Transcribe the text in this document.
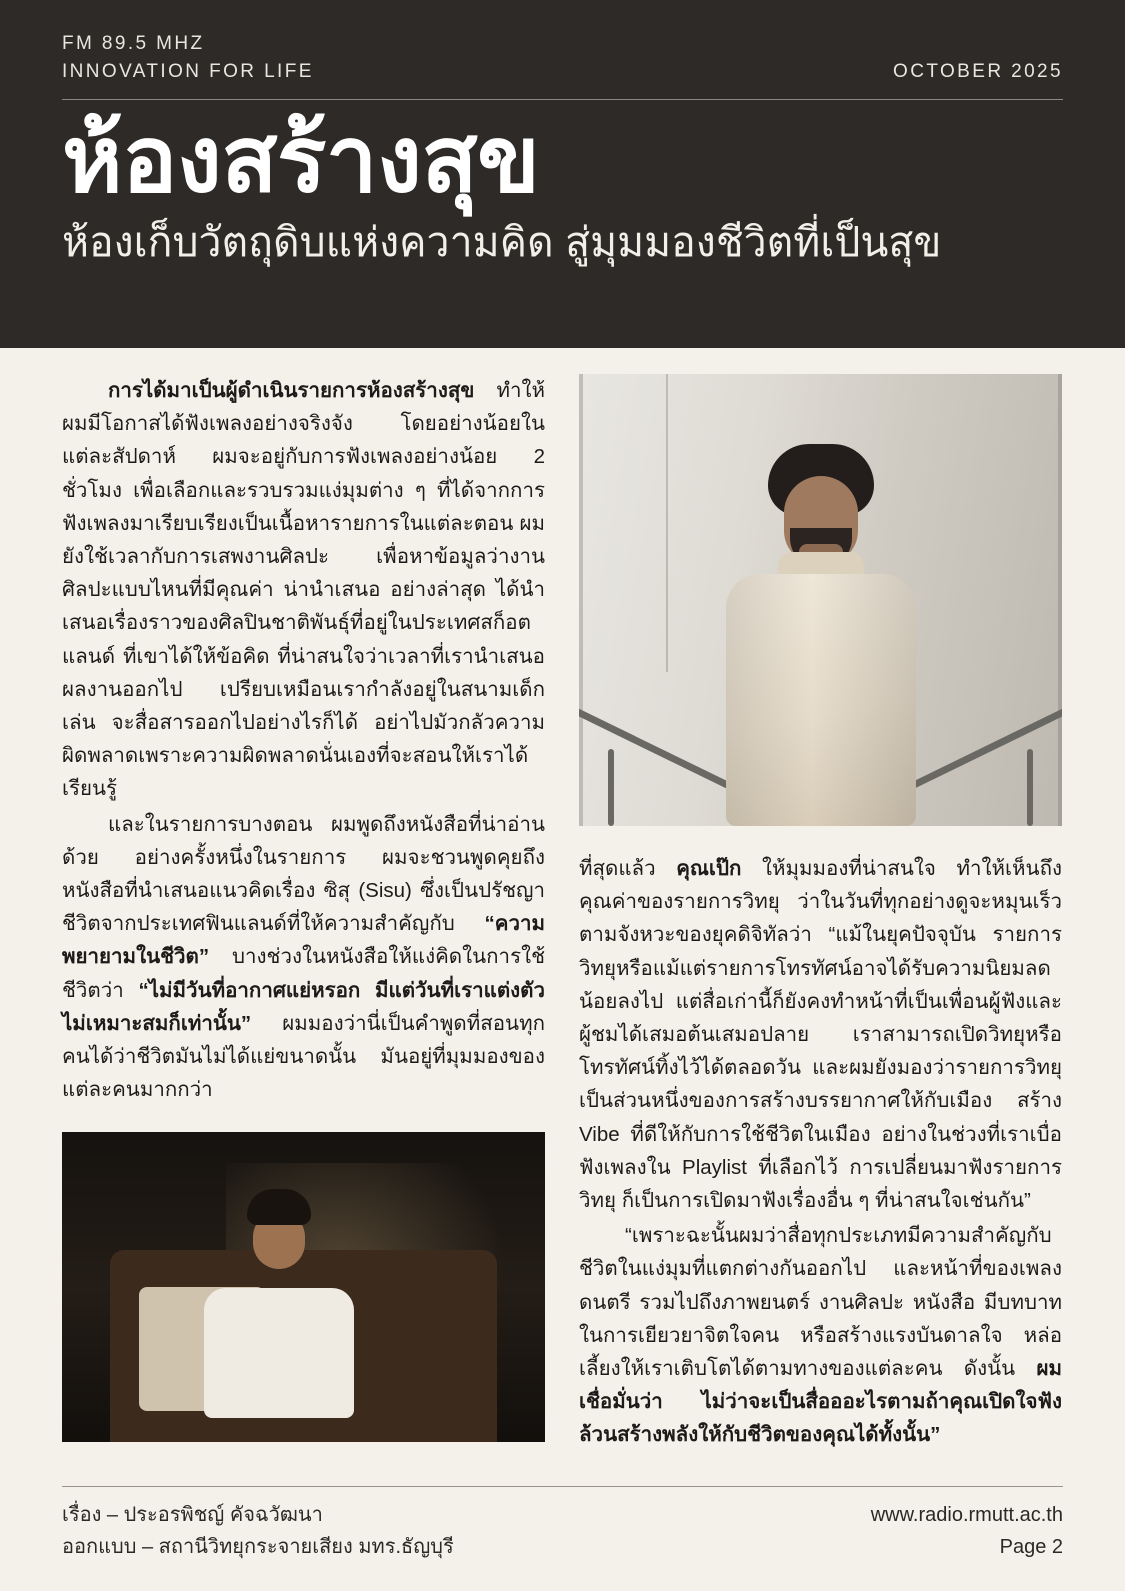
FM 89.5 MHZ
INNOVATION FOR LIFE	OCTOBER 2025
ห้องสร้างสุข
ห้องเก็บวัตถุดิบแห่งความคิด สู่มุมมองชีวิตที่เป็นสุข

การได้มาเป็นผู้ดำเนินรายการห้องสร้างสุข ทำให้ผมมีโอกาสได้ฟังเพลงอย่างจริงจัง โดยอย่างน้อยในแต่ละสัปดาห์ ผมจะอยู่กับการฟังเพลงอย่างน้อย 2 ชั่วโมง เพื่อเลือกและรวบรวมแง่มุมต่าง ๆ ที่ได้จากการฟังเพลงมาเรียบเรียงเป็นเนื้อหารายการในแต่ละตอน ผมยังใช้เวลากับการเสพงานศิลปะ เพื่อหาข้อมูลว่างานศิลปะแบบไหนที่มีคุณค่า น่านำเสนอ อย่างล่าสุด ได้นำเสนอเรื่องราวของศิลปินชาติพันธุ์ที่อยู่ในประเทศสก็อตแลนด์ ที่เขาได้ให้ข้อคิด ที่น่าสนใจว่าเวลาที่เรานำเสนอผลงานออกไป เปรียบเหมือนเรากำลังอยู่ในสนามเด็กเล่น จะสื่อสารออกไปอย่างไรก็ได้ อย่าไปมัวกลัวความผิดพลาดเพราะความผิดพลาดนั่นเองที่จะสอนให้เราได้เรียนรู้

และในรายการบางตอน ผมพูดถึงหนังสือที่น่าอ่านด้วย อย่างครั้งหนึ่งในรายการ ผมจะชวนพูดคุยถึงหนังสือที่นำเสนอแนวคิดเรื่อง ซิสุ (Sisu) ซึ่งเป็นปรัชญาชีวิตจากประเทศฟินแลนด์ที่ให้ความสำคัญกับ “ความพยายามในชีวิต” บางช่วงในหนังสือให้แง่คิดในการใช้ชีวิตว่า “ไม่มีวันที่อากาศแย่หรอก มีแต่วันที่เราแต่งตัว ไม่เหมาะสมก็เท่านั้น” ผมมองว่านี่เป็นคำพูดที่สอนทุกคนได้ว่าชีวิตมันไม่ได้แย่ขนาดนั้น มันอยู่ที่มุมมองของแต่ละคนมากกว่า

ที่สุดแล้ว คุณเป๊ก ให้มุมมองที่น่าสนใจ ทำให้เห็นถึงคุณค่าของรายการวิทยุ ว่าในวันที่ทุกอย่างดูจะหมุนเร็ว ตามจังหวะของยุคดิจิทัลว่า “แม้ในยุคปัจจุบัน รายการวิทยุหรือแม้แต่รายการโทรทัศน์อาจได้รับความนิยมลดน้อยลงไป แต่สื่อเก่านี้ก็ยังคงทำหน้าที่เป็นเพื่อนผู้ฟังและผู้ชมได้เสมอต้นเสมอปลาย เราสามารถเปิดวิทยุหรือโทรทัศน์ทิ้งไว้ได้ตลอดวัน และผมยังมองว่ารายการวิทยุเป็นส่วนหนึ่งของการสร้างบรรยากาศให้กับเมือง สร้าง Vibe ที่ดีให้กับการใช้ชีวิตในเมือง อย่างในช่วงที่เราเบื่อฟังเพลงใน Playlist ที่เลือกไว้ การเปลี่ยนมาฟังรายการวิทยุ ก็เป็นการเปิดมาฟังเรื่องอื่น ๆ ที่น่าสนใจเช่นกัน”

“เพราะฉะนั้นผมว่าสื่อทุกประเภทมีความสำคัญกับชีวิตในแง่มุมที่แตกต่างกันออกไป และหน้าที่ของเพลง ดนตรี รวมไปถึงภาพยนตร์ งานศิลปะ หนังสือ มีบทบาทในการเยียวยาจิตใจคน หรือสร้างแรงบันดาลใจ หล่อเลี้ยงให้เราเติบโตได้ตามทางของแต่ละคน ดังนั้น ผมเชื่อมั่นว่า ไม่ว่าจะเป็นสื่อออะไรตามถ้าคุณเปิดใจฟัง ล้วนสร้างพลังให้กับชีวิตของคุณได้ทั้งนั้น”

เรื่อง – ประอรพิชญ์ คัจฉวัฒนา
ออกแบบ – สถานีวิทยุกระจายเสียง มทร.ธัญบุรี
www.radio.rmutt.ac.th
Page 2
